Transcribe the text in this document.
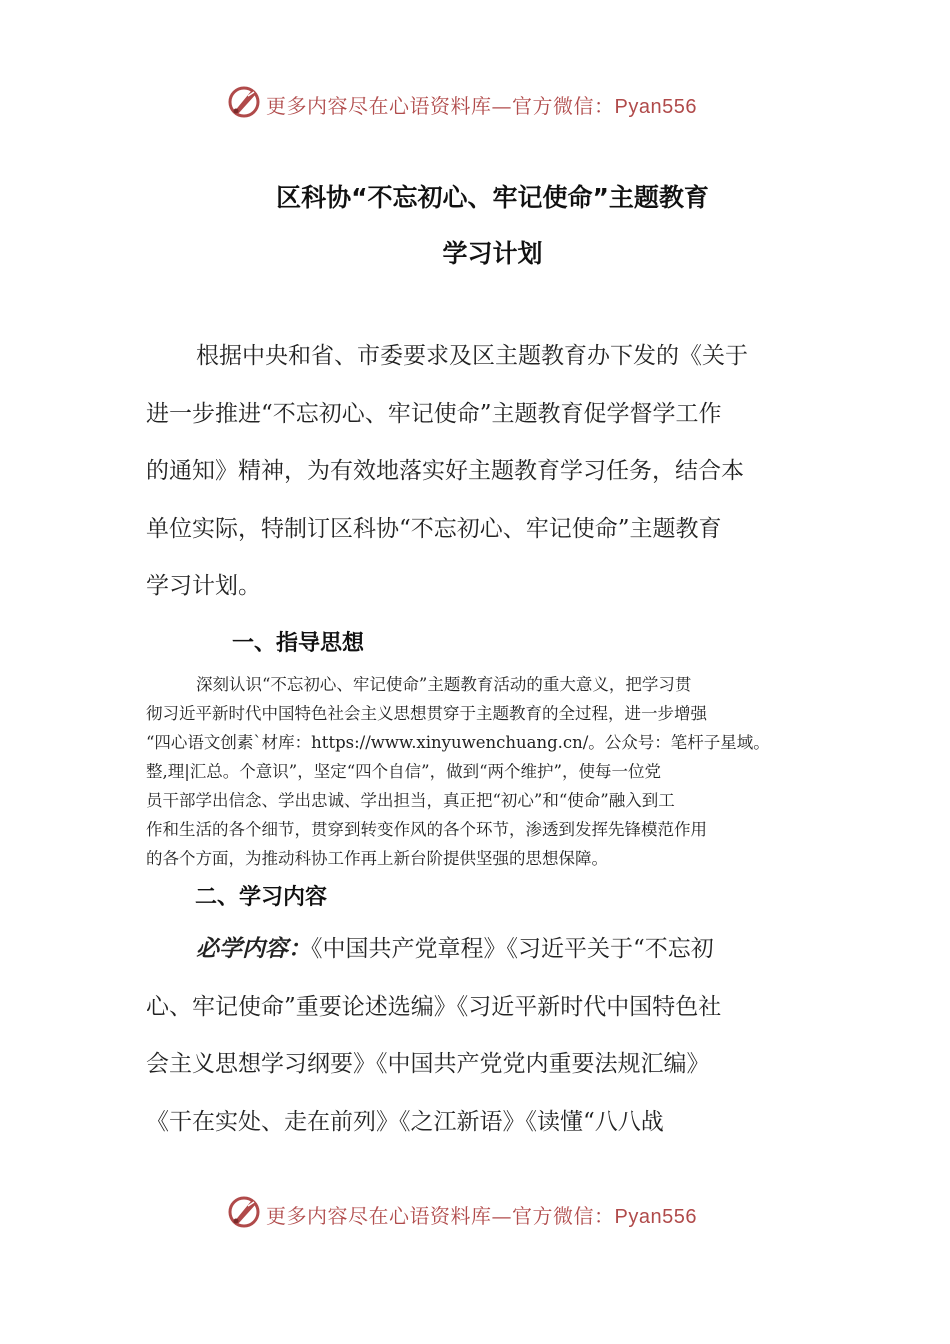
更多内容尽在心语资料库—官方微信：Pyan556
区科协“不忘初心、牢记使命”主题教育
学习计划

根据中央和省、市委要求及区主题教育办下发的《关于

进一步推进“不忘初心、牢记使命”主题教育促学督学工作

的通知》精神，为有效地落实好主题教育学习任务，结合本

单位实际，特制订区科协“不忘初心、牢记使命”主题教育

学习计划。

一、指导思想
深刻认识“不忘初心、牢记使命”主题教育活动的重大意义，把学习贯
彻习近平新时代中国特色社会主义思想贯穿于主题教育的全过程，进一步增强
“四心语文创素`材库：https://www.xinyuwenchuang.cn/。公众号：笔杆子星域。
整,理|汇总。个意识”，坚定“四个自信”，做到“两个维护”，使每一位党
员干部学出信念、学出忠诚、学出担当，真正把“初心”和“使命”融入到工
作和生活的各个细节，贯穿到转变作风的各个环节，渗透到发挥先锋模范作用
的各个方面，为推动科协工作再上新台阶提供坚强的思想保障。
二、学习内容
必学内容：《中国共产党章程》《习近平关于“不忘初
心、牢记使命”重要论述选编》《习近平新时代中国特色社
会主义思想学习纲要》《中国共产党党内重要法规汇编》
《干在实处、走在前列》《之江新语》《读懂“八八战
更多内容尽在心语资料库—官方微信：Pyan556
